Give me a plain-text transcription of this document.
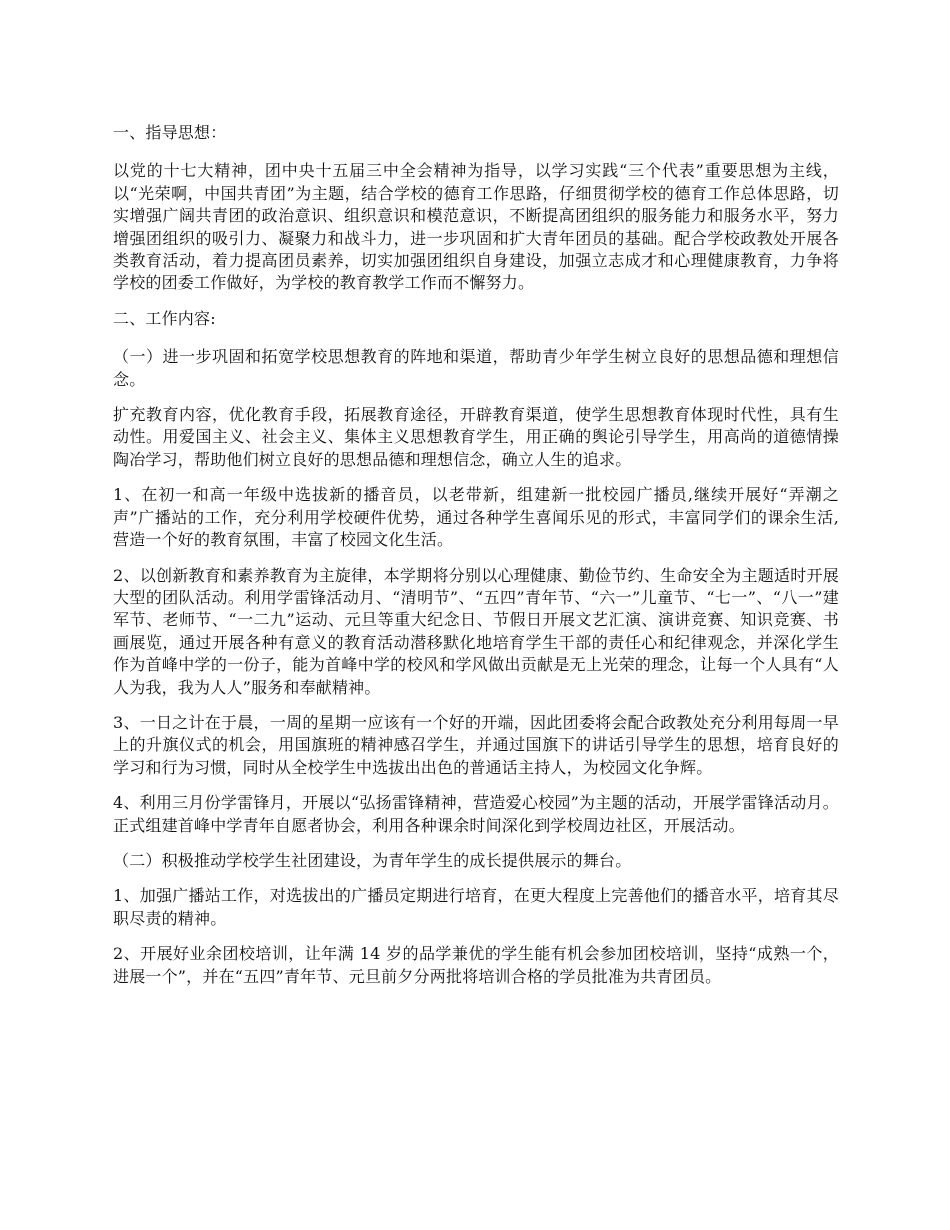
一、指导思想：

以党的十七大精神，团中央十五届三中全会精神为指导，以学习实践“三个代表”重要思想为主线，以“光荣啊，中国共青团”为主题，结合学校的德育工作思路，仔细贯彻学校的德育工作总体思路，切实增强广阔共青团的政治意识、组织意识和模范意识，不断提高团组织的服务能力和服务水平，努力增强团组织的吸引力、凝聚力和战斗力，进一步巩固和扩大青年团员的基础。配合学校政教处开展各类教育活动，着力提高团员素养，切实加强团组织自身建设，加强立志成才和心理健康教育，力争将学校的团委工作做好，为学校的教育教学工作而不懈努力。

二、工作内容:

（一）进一步巩固和拓宽学校思想教育的阵地和渠道，帮助青少年学生树立良好的思想品德和理想信念。

扩充教育内容，优化教育手段，拓展教育途径，开辟教育渠道，使学生思想教育体现时代性，具有生动性。用爱国主义、社会主义、集体主义思想教育学生，用正确的舆论引导学生，用高尚的道德情操陶冶学习，帮助他们树立良好的思想品德和理想信念，确立人生的追求。

1、在初一和高一年级中选拔新的播音员，以老带新，组建新一批校园广播员,继续开展好“弄潮之声”广播站的工作，充分利用学校硬件优势，通过各种学生喜闻乐见的形式，丰富同学们的课余生活,营造一个好的教育氛围，丰富了校园文化生活。

2、以创新教育和素养教育为主旋律，本学期将分别以心理健康、勤俭节约、生命安全为主题适时开展大型的团队活动。利用学雷锋活动月、“清明节”、“五四”青年节、“六一”儿童节、“七一”、“八一”建军节、老师节、“一二九”运动、元旦等重大纪念日、节假日开展文艺汇演、演讲竞赛、知识竞赛、书画展览，通过开展各种有意义的教育活动潜移默化地培育学生干部的责任心和纪律观念，并深化学生作为首峰中学的一份子，能为首峰中学的校风和学风做出贡献是无上光荣的理念，让每一个人具有“人人为我，我为人人”服务和奉献精神。

3、一日之计在于晨，一周的星期一应该有一个好的开端，因此团委将会配合政教处充分利用每周一早上的升旗仪式的机会，用国旗班的精神感召学生，并通过国旗下的讲话引导学生的思想，培育良好的学习和行为习惯，同时从全校学生中选拔出出色的普通话主持人，为校园文化争辉。

4、利用三月份学雷锋月，开展以“弘扬雷锋精神，营造爱心校园”为主题的活动，开展学雷锋活动月。正式组建首峰中学青年自愿者协会，利用各种课余时间深化到学校周边社区，开展活动。

（二）积极推动学校学生社团建设，为青年学生的成长提供展示的舞台。

1、加强广播站工作，对选拔出的广播员定期进行培育，在更大程度上完善他们的播音水平，培育其尽职尽责的精神。

2、开展好业余团校培训，让年满 14 岁的品学兼优的学生能有机会参加团校培训，坚持“成熟一个，进展一个”，并在“五四”青年节、元旦前夕分两批将培训合格的学员批准为共青团员。
